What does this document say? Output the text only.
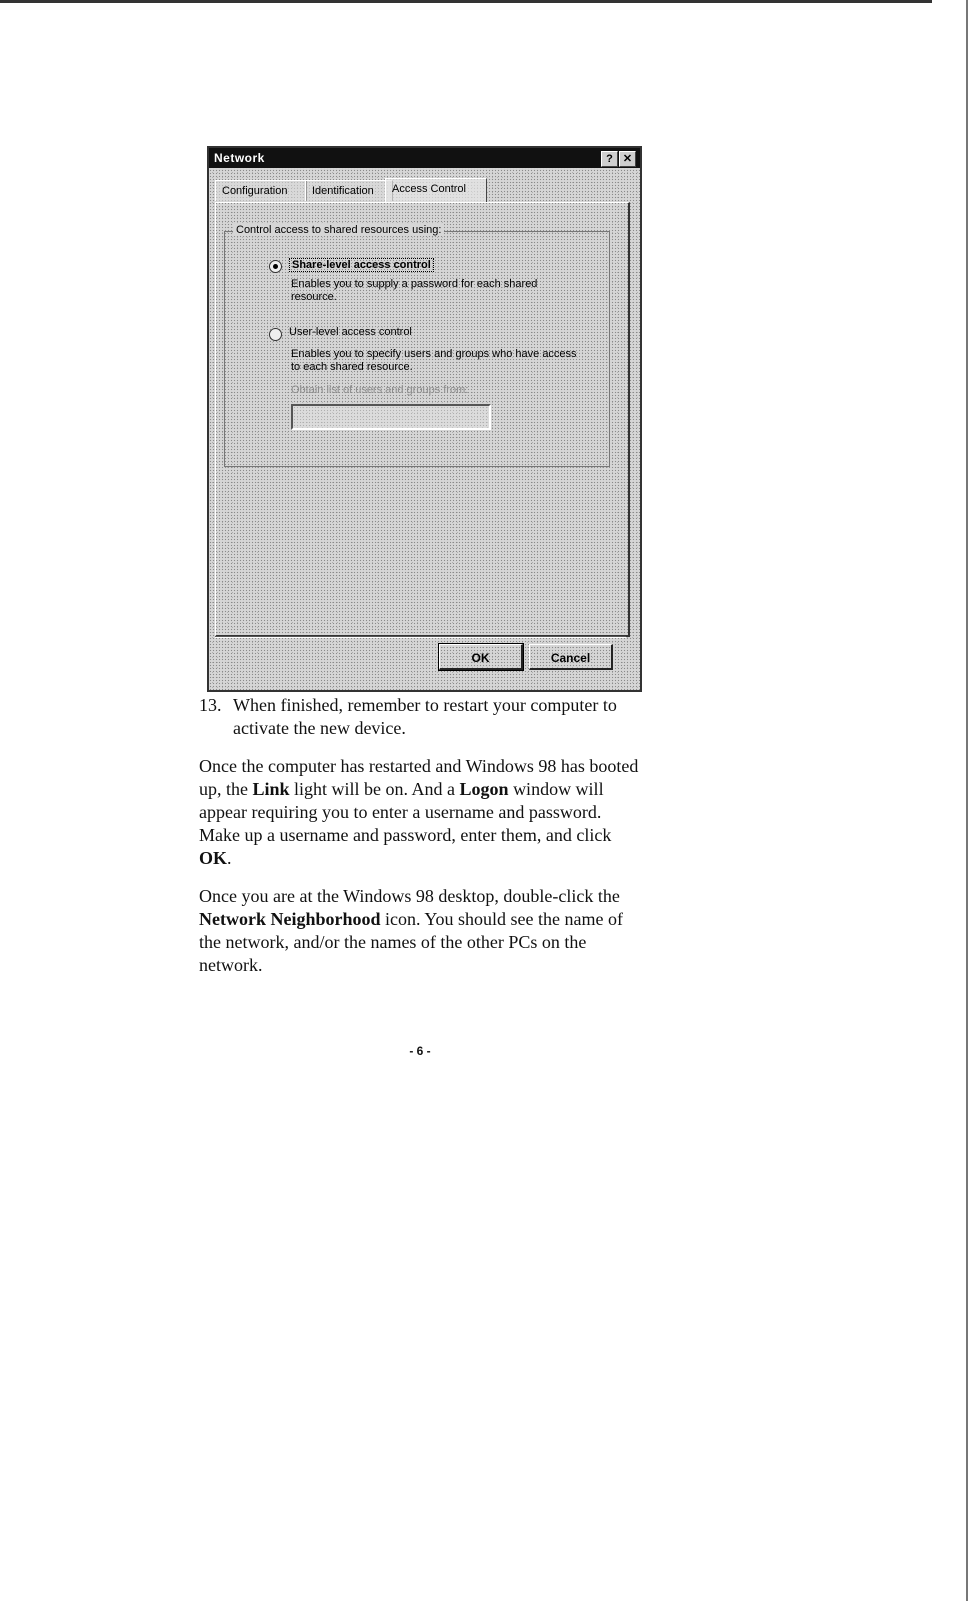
Network	? ✕
Configuration	Identification	Access Control
Control access to shared resources using:
Share-level access control
Enables you to supply a password for each shared resource.
User-level access control
Enables you to specify users and groups who have access to each shared resource.
Obtain list of users and groups from:
OK	Cancel
13. When finished, remember to restart your computer to activate the new device.

Once the computer has restarted and Windows 98 has booted up, the Link light will be on. And a Logon window will appear requiring you to enter a username and password. Make up a username and password, enter them, and click OK.

Once you are at the Windows 98 desktop, double-click the Network Neighborhood icon. You should see the name of the network, and/or the names of the other PCs on the network.

- 6 -
